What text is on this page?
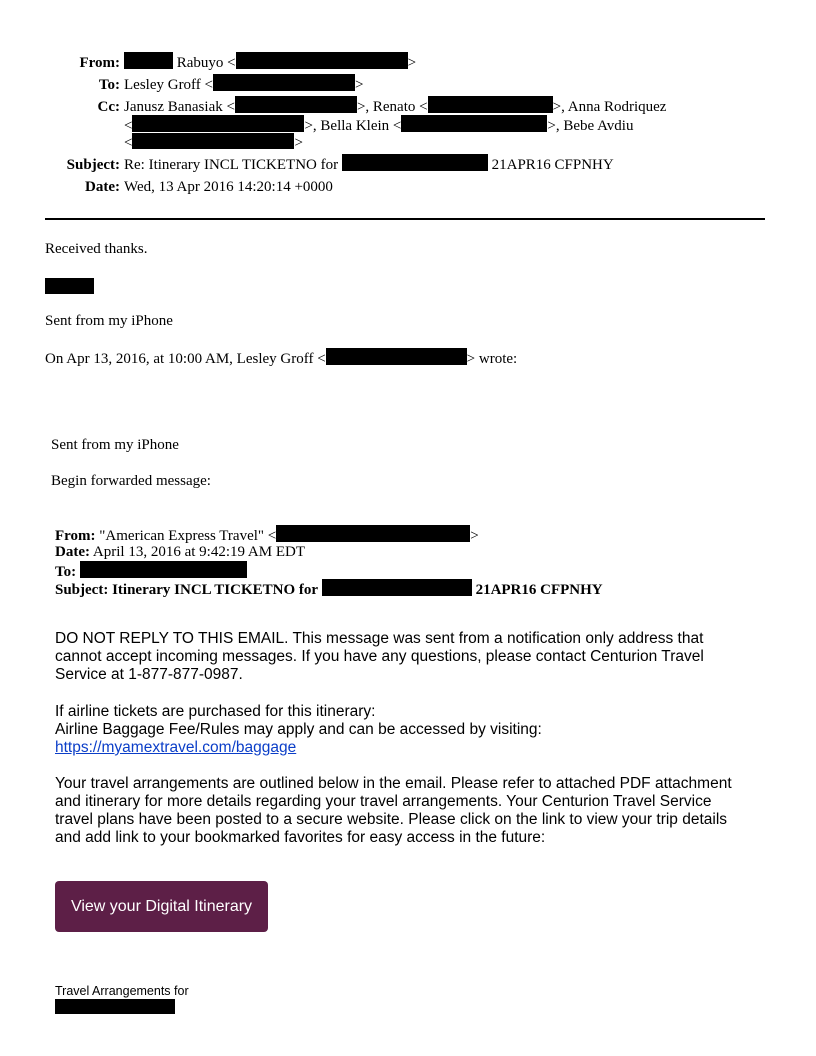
From:	Rabuyo <	>
To: Lesley Groff <	>
Cc: Janusz Banasiak <	>, Renato <	>, Anna Rodriquez
<	>, Bella Klein <	>, Bebe Avdiu
<	>
Subject: Re: Itinerary INCL TICKETNO for	21APR16 CFPNHY
Date: Wed, 13 Apr 2016 14:20:14 +0000
Received thanks.
Sent from my iPhone
On Apr 13, 2016, at 10:00 AM, Lesley Groff <	> wrote:
Sent from my iPhone
Begin forwarded message:
From: "American Express Travel" <	>
Date: April 13, 2016 at 9:42:19 AM EDT
To:
Subject: Itinerary INCL TICKETNO for	21APR16 CFPNHY
DO NOT REPLY TO THIS EMAIL. This message was sent from a notification only address that
cannot accept incoming messages. If you have any questions, please contact Centurion Travel
Service at 1-877-877-0987.
If airline tickets are purchased for this itinerary:
Airline Baggage Fee/Rules may apply and can be accessed by visiting:
https://myamextravel.com/baggage
Your travel arrangements are outlined below in the email. Please refer to attached PDF attachment
and itinerary for more details regarding your travel arrangements. Your Centurion Travel Service
travel plans have been posted to a secure website. Please click on the link to view your trip details
and add link to your bookmarked favorites for easy access in the future:
View your Digital Itinerary
Travel Arrangements for
